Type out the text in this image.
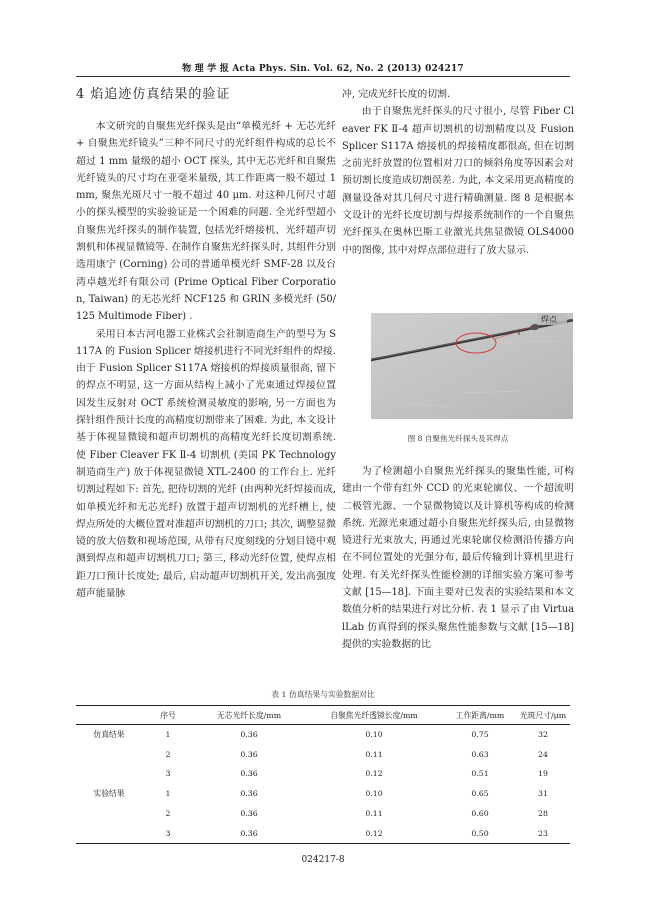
物 理 学 报 Acta Phys. Sin. Vol. 62, No. 2 (2013) 024217
4 焰追迹仿真结果的验证

本文研究的自聚焦光纤探头是由“单模光纤 + 无芯光纤 + 自聚焦光纤镜头”三种不同尺寸的光纤组件构成的总长不超过 1 mm 量级的超小 OCT 探头, 其中无芯光纤和自聚焦光纤镜头的尺寸均在亚毫米量级, 其工作距离一般不超过 1 mm, 聚焦光斑尺寸一般不超过 40 μm. 对这种几何尺寸超小的探头模型的实验验证是一个困难的问题. 全光纤型超小自聚焦光纤探头的制作装置, 包括光纤熔接机、光纤超声切割机和体视显微镜等. 在制作自聚焦光纤探头时, 其组件分别选用康宁 (Corning) 公司的普通单模光纤 SMF-28 以及台湾卓越光纤有限公司 (Prime Optical Fiber Corporation, Taiwan) 的无芯光纤 NCF125 和 GRIN 多模光纤 (50/125 Multimode Fiber) .

采用日本古河电器工业株式会社制造商生产的型号为 S117A 的 Fusion Splicer 熔接机进行不同光纤组件的焊接. 由于 Fusion Splicer S117A 熔接机的焊接质量很高, 留下的焊点不明显, 这一方面从结构上减小了光束通过焊接位置因发生反射对 OCT 系统检测灵敏度的影响, 另一方面也为探针组件预计长度的高精度切割带来了困难. 为此, 本文设计基于体视显微镜和超声切割机的高精度光纤长度切割系统. 使 Fiber Cleaver FK Ⅱ-4 切割机 (美国 PK Technology 制造商生产) 放于体视显微镜 XTL-2400 的工作台上. 光纤切割过程如下: 首先, 把待切割的光纤 (由两种光纤焊接而成, 如单模光纤和无芯光纤) 放置于超声切割机的光纤槽上, 使焊点所处的大概位置对准超声切割机的刀口; 其次, 调整显微镜的放大倍数和视场范围, 从带有尺度刻线的分划目镜中观测到焊点和超声切割机刀口; 第三, 移动光纤位置, 使焊点相距刀口预计长度处; 最后, 启动超声切割机开关, 发出高强度超声能量脉

冲, 完成光纤长度的切割.

由于自聚焦光纤探头的尺寸很小, 尽管 Fiber Cleaver FK Ⅱ-4 超声切割机的切割精度以及 Fusion Splicer S117A 熔接机的焊接精度都很高, 但在切割之前光纤放置的位置相对刀口的倾斜角度等因素会对预切割长度造成切割误差. 为此, 本文采用更高精度的测量设备对其几何尺寸进行精确测量. 图 8 是根据本文设计的光纤长度切割与焊接系统制作的一个自聚焦光纤探头在奥林巴斯工业激光共焦显微镜 OLS4000 中的图像, 其中对焊点部位进行了放大显示.

焊点
图 8 自聚焦光纤探头及其焊点

为了检测超小自聚焦光纤探头的聚集性能, 可构建由一个带有红外 CCD 的光束轮廓仪、一个超流明二极管光源、一个显微物镜以及计算机等构成的检测系统. 光源光束通过超小自聚焦光纤探头后, 由显微物镜进行光束放大, 再通过光束轮廓仪检测沿传播方向在不同位置处的光强分布, 最后传输到计算机里进行处理. 有关光纤探头性能检测的详细实验方案可参考文献 [15—18]. 下面主要对已发表的实验结果和本文数值分析的结果进行对比分析. 表 1 显示了由 VirtualLab 仿真得到的探头聚焦性能参数与文献 [15—18] 提供的实验数据的比

表 1 仿真结果与实验数据对比
	序号	无芯光纤长度/mm	自聚焦光纤透镜长度/mm	工作距离/mm	光斑尺寸/μm
仿真结果	1	0.36	0.10	0.75	32
	2	0.36	0.11	0.63	24
	3	0.36	0.12	0.51	19
实验结果	1	0.36	0.10	0.65	31
	2	0.36	0.11	0.60	28
	3	0.36	0.12	0.50	23
024217-8
